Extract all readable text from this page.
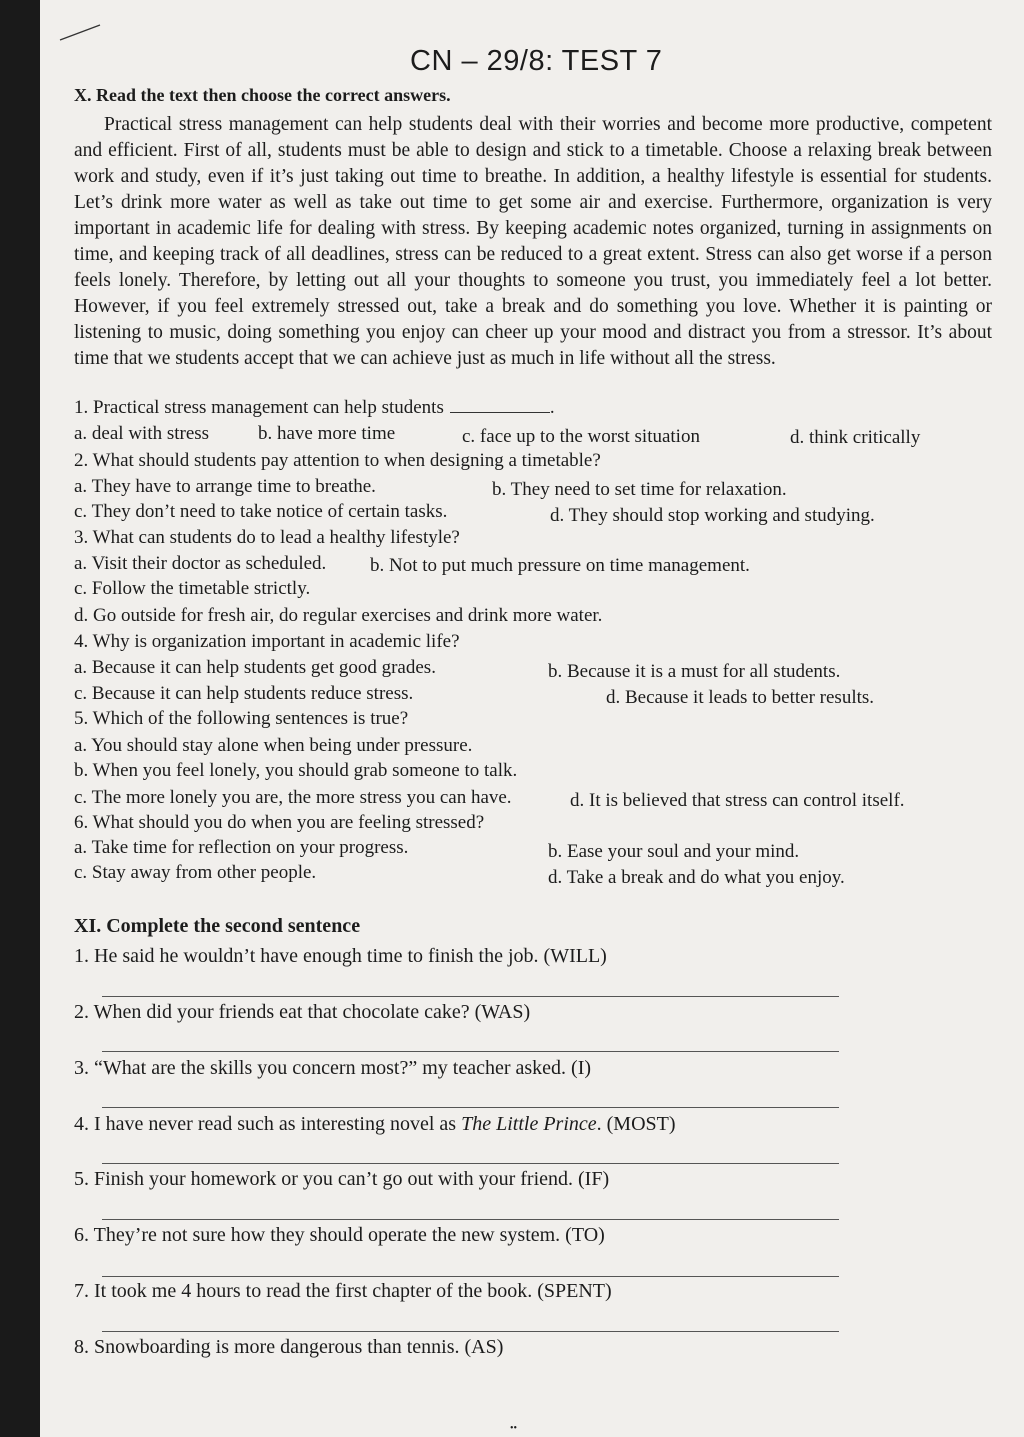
CN – 29/8: TEST 7
X. Read the text then choose the correct answers.
Practical stress management can help students deal with their worries and become more productive, competent and efficient. First of all, students must be able to design and stick to a timetable. Choose a relaxing break between work and study, even if it’s just taking out time to breathe. In addition, a healthy lifestyle is essential for students. Let’s drink more water as well as take out time to get some air and exercise. Furthermore, organization is very important in academic life for dealing with stress. By keeping academic notes organized, turning in assignments on time, and keeping track of all deadlines, stress can be reduced to a great extent. Stress can also get worse if a person feels lonely. Therefore, by letting out all your thoughts to someone you trust, you immediately feel a lot better. However, if you feel extremely stressed out, take a break and do something you love. Whether it is painting or listening to music, doing something you enjoy can cheer up your mood and distract you from a stressor. It’s about time that we students accept that we can achieve just as much in life without all the stress.
1. Practical stress management can help students	.
a. deal with stress	b. have more time	c. face up to the worst situation	d. think critically
2. What should students pay attention to when designing a timetable?
a. They have to arrange time to breathe.	b. They need to set time for relaxation.
c. They don’t need to take notice of certain tasks.	d. They should stop working and studying.
3. What can students do to lead a healthy lifestyle?
a. Visit their doctor as scheduled. b. Not to put much pressure on time management.
c. Follow the timetable strictly.
d. Go outside for fresh air, do regular exercises and drink more water.
4. Why is organization important in academic life?
a. Because it can help students get good grades.	b. Because it is a must for all students.
c. Because it can help students reduce stress.	d. Because it leads to better results.
5. Which of the following sentences is true?
a. You should stay alone when being under pressure.
b. When you feel lonely, you should grab someone to talk.
c. The more lonely you are, the more stress you can have.	d. It is believed that stress can control itself.
6. What should you do when you are feeling stressed?
a. Take time for reflection on your progress.	b. Ease your soul and your mind.
c. Stay away from other people.	d. Take a break and do what you enjoy.
XI. Complete the second sentence
1. He said he wouldn’t have enough time to finish the job. (WILL)
2. When did your friends eat that chocolate cake? (WAS)
3. “What are the skills you concern most?” my teacher asked. (I)
4. I have never read such as interesting novel as The Little Prince. (MOST)
5. Finish your homework or you can’t go out with your friend. (IF)
6. They’re not sure how they should operate the new system. (TO)
7. It took me 4 hours to read the first chapter of the book. (SPENT)
8. Snowboarding is more dangerous than tennis. (AS)
••
